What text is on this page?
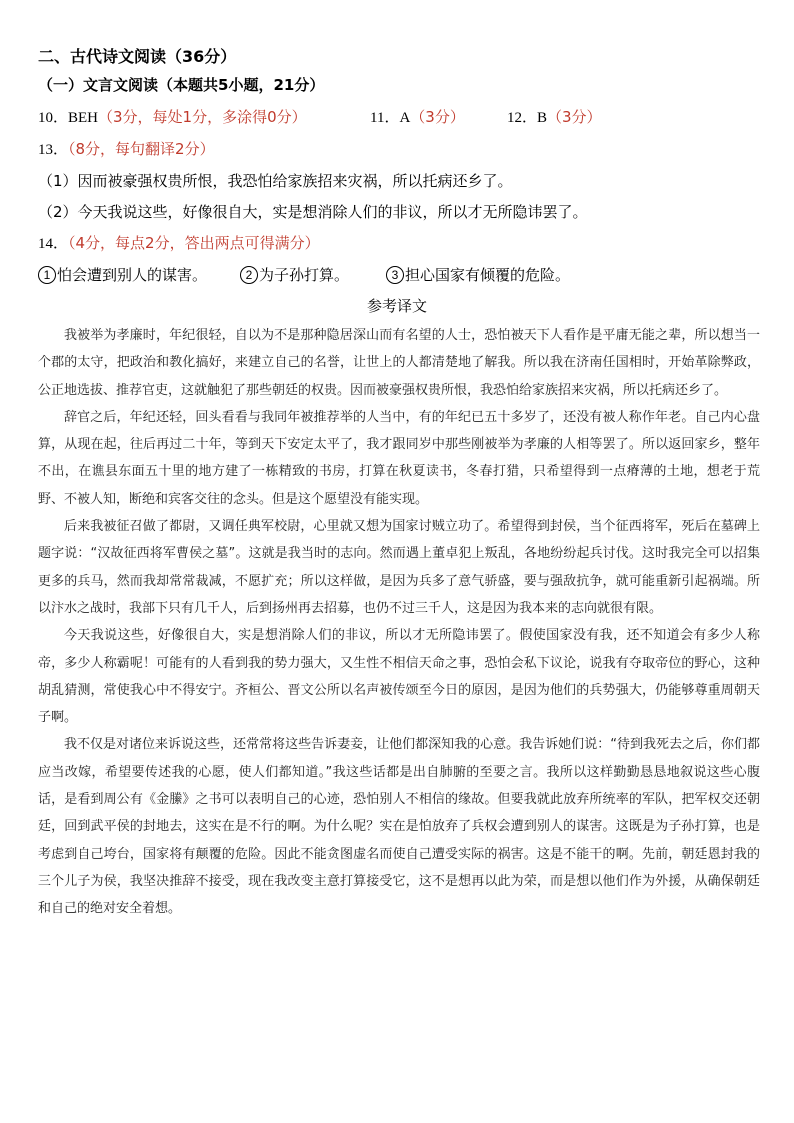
二、古代诗文阅读（36分）
（一）文言文阅读（本题共5小题，21分）
10．BEH（3分，每处1分，多涂得0分）	11．A（3分）	12．B（3分）
13．（8分，每句翻译2分）
（1）因而被豪强权贵所恨，我恐怕给家族招来灾祸，所以托病还乡了。
（2）今天我说这些，好像很自大，实是想消除人们的非议，所以才无所隐讳罢了。
14．（4分，每点2分，答出两点可得满分）
1 怕会遭到别人的谋害。	2 为子孙打算。	3 担心国家有倾覆的危险。
参考译文

我被举为孝廉时，年纪很轻，自以为不是那种隐居深山而有名望的人士，恐怕被天下人看作是平庸无能之辈，所以想当一个郡的太守，把政治和教化搞好，来建立自己的名誉，让世上的人都清楚地了解我。所以我在济南任国相时，开始革除弊政，公正地选拔、推荐官吏，这就触犯了那些朝廷的权贵。因而被豪强权贵所恨，我恐怕给家族招来灾祸，所以托病还乡了。

辞官之后，年纪还轻，回头看看与我同年被推荐举的人当中，有的年纪已五十多岁了，还没有被人称作年老。自己内心盘算，从现在起，往后再过二十年，等到天下安定太平了，我才跟同岁中那些刚被举为孝廉的人相等罢了。所以返回家乡，整年不出，在谯县东面五十里的地方建了一栋精致的书房，打算在秋夏读书，冬春打猎，只希望得到一点瘠薄的土地，想老于荒野、不被人知，断绝和宾客交往的念头。但是这个愿望没有能实现。

后来我被征召做了都尉，又调任典军校尉，心里就又想为国家讨贼立功了。希望得到封侯，当个征西将军，死后在墓碑上题字说：“汉故征西将军曹侯之墓”。这就是我当时的志向。然而遇上董卓犯上叛乱，各地纷纷起兵讨伐。这时我完全可以招集更多的兵马，然而我却常常裁减，不愿扩充；所以这样做，是因为兵多了意气骄盛，要与强敌抗争，就可能重新引起祸端。所以汴水之战时，我部下只有几千人，后到扬州再去招募，也仍不过三千人，这是因为我本来的志向就很有限。

今天我说这些，好像很自大，实是想消除人们的非议，所以才无所隐讳罢了。假使国家没有我，还不知道会有多少人称帝，多少人称霸呢！可能有的人看到我的势力强大，又生性不相信天命之事，恐怕会私下议论，说我有夺取帝位的野心，这种胡乱猜测，常使我心中不得安宁。齐桓公、晋文公所以名声被传颂至今日的原因，是因为他们的兵势强大，仍能够尊重周朝天子啊。

我不仅是对诸位来诉说这些，还常常将这些告诉妻妾，让他们都深知我的心意。我告诉她们说：“待到我死去之后，你们都应当改嫁，希望要传述我的心愿，使人们都知道。”我这些话都是出自肺腑的至要之言。我所以这样勤勤恳恳地叙说这些心腹话，是看到周公有《金縢》之书可以表明自己的心迹，恐怕别人不相信的缘故。但要我就此放弃所统率的军队，把军权交还朝廷，回到武平侯的封地去，这实在是不行的啊。为什么呢？实在是怕放弃了兵权会遭到别人的谋害。这既是为子孙打算，也是考虑到自己垮台，国家将有颠覆的危险。因此不能贪图虚名而使自己遭受实际的祸害。这是不能干的啊。先前，朝廷恩封我的三个儿子为侯，我坚决推辞不接受，现在我改变主意打算接受它，这不是想再以此为荣，而是想以他们作为外援，从确保朝廷和自己的绝对安全着想。
